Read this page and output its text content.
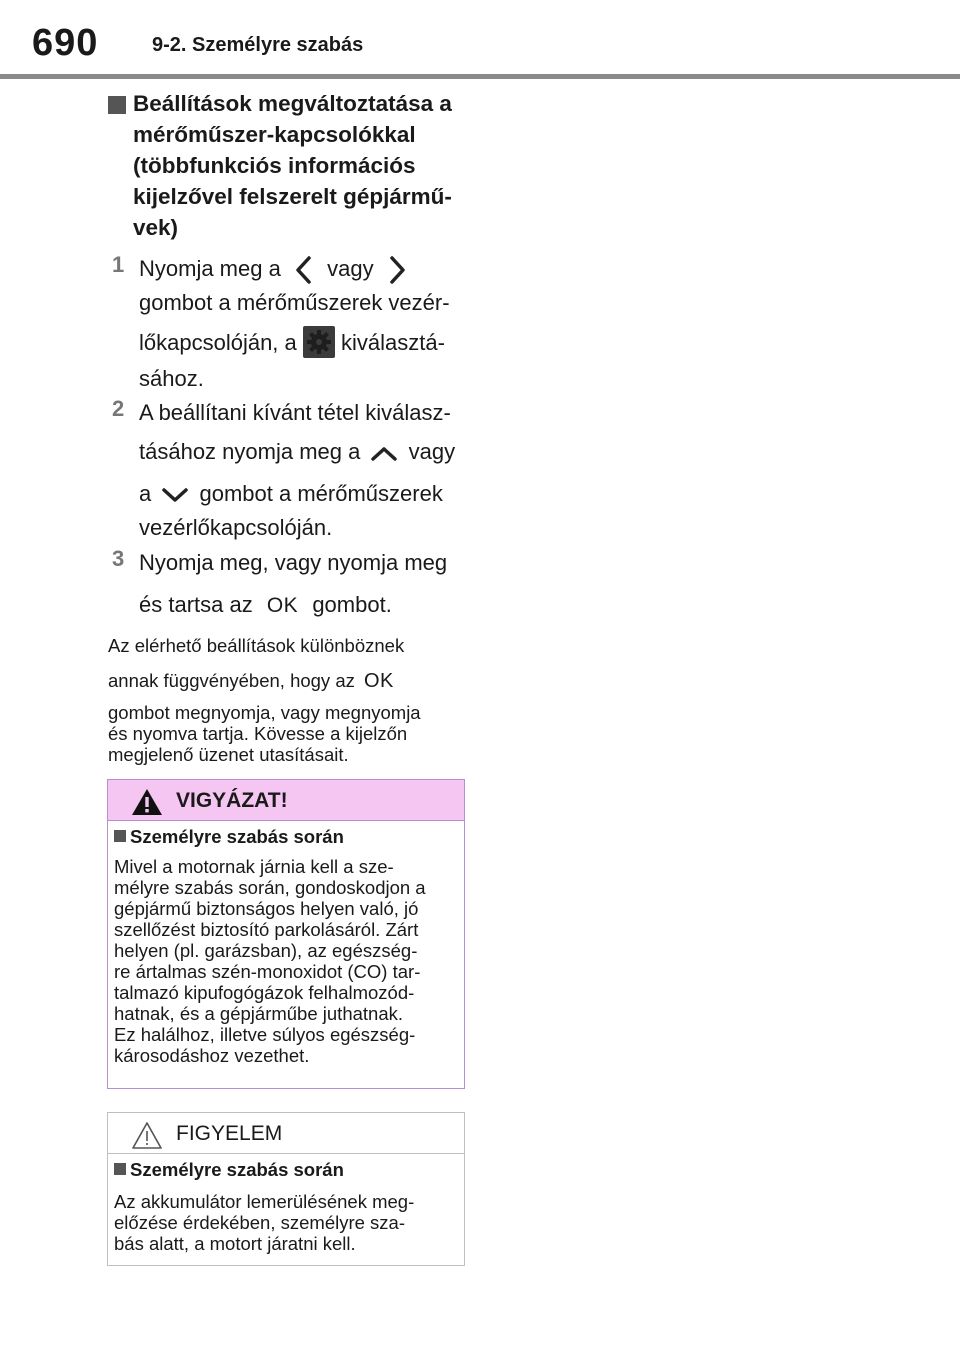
690	9-2. Személyre szabás
Beállítások megváltoztatása a
mérőműszer-kapcsolókkal
(többfunkciós információs
kijelzővel felszerelt gépjármű-
vek)
1 Nyomja meg a vagy
gombot a mérőműszerek vezér-
lőkapcsolóján, a kiválasztá-
sához.
2 A beállítani kívánt tétel kiválasz-
tásához nyomja meg a vagy
a gombot a mérőműszerek
vezérlőkapcsolóján.
3 Nyomja meg, vagy nyomja meg
és tartsa az OK gombot.
Az elérhető beállítások különböznek
annak függvényében, hogy az OK
gombot megnyomja, vagy megnyomja
és nyomva tartja. Kövesse a kijelzőn
megjelenő üzenet utasításait.
VIGYÁZAT!
Személyre szabás során
Mivel a motornak járnia kell a sze-
mélyre szabás során, gondoskodjon a
gépjármű biztonságos helyen való, jó
szellőzést biztosító parkolásáról. Zárt
helyen (pl. garázsban), az egészség-
re ártalmas szén-monoxidot (CO) tar-
talmazó kipufogógázok felhalmozód-
hatnak, és a gépjárműbe juthatnak.
Ez halálhoz, illetve súlyos egészség-
károsodáshoz vezethet.
FIGYELEM
Személyre szabás során
Az akkumulátor lemerülésének meg-
előzése érdekében, személyre sza-
bás alatt, a motort járatni kell.
